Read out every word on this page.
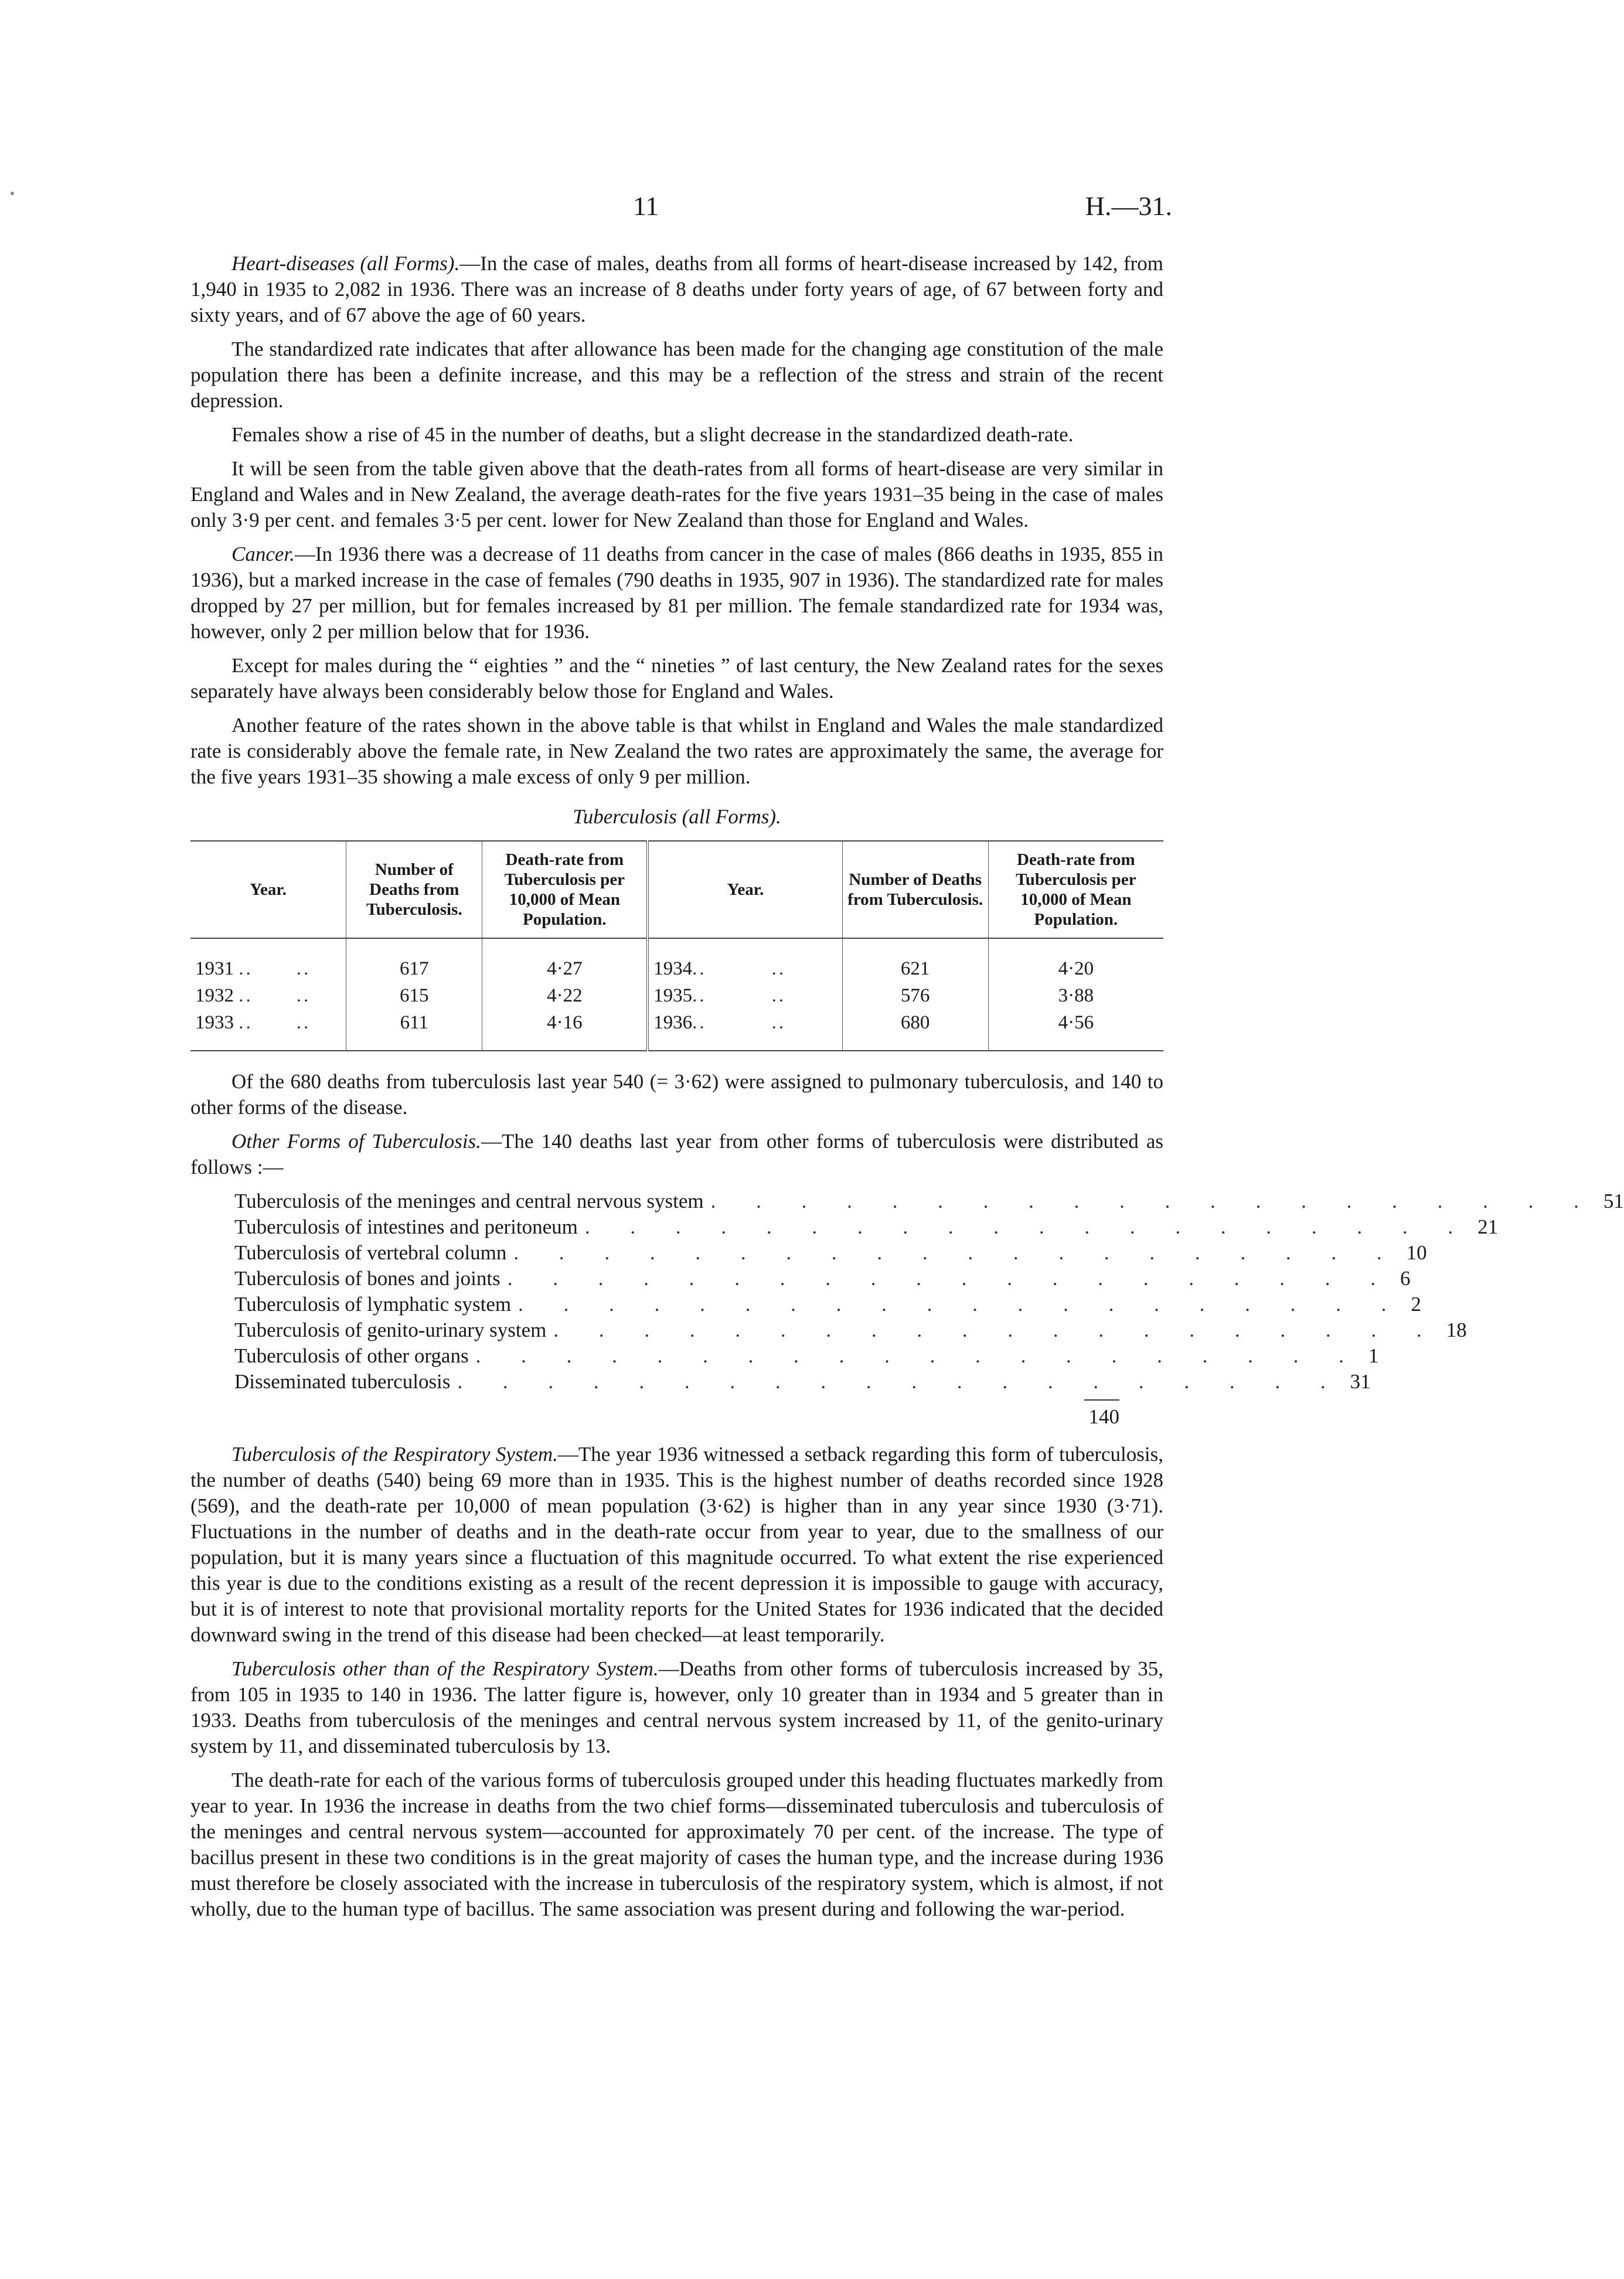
11	H.—31.

  Heart-diseases (all Forms).—In the case of males, deaths from all forms of heart-disease increased by 142, from 1,940 in 1935 to 2,082 in 1936. There was an increase of 8 deaths under forty years of age, of 67 between forty and sixty years, and of 67 above the age of 60 years.

  The standardized rate indicates that after allowance has been made for the changing age constitution of the male population there has been a definite increase, and this may be a reflection of the stress and strain of the recent depression.

  Females show a rise of 45 in the number of deaths, but a slight decrease in the standardized death-rate.

  It will be seen from the table given above that the death-rates from all forms of heart-disease are very similar in England and Wales and in New Zealand, the average death-rates for the five years 1931–35 being in the case of males only 3·9 per cent. and females 3·5 per cent. lower for New Zealand than those for England and Wales.

  Cancer.—In 1936 there was a decrease of 11 deaths from cancer in the case of males (866 deaths in 1935, 855 in 1936), but a marked increase in the case of females (790 deaths in 1935, 907 in 1936). The standardized rate for males dropped by 27 per million, but for females increased by 81 per million. The female standardized rate for 1934 was, however, only 2 per million below that for 1936.

  Except for males during the “ eighties ” and the “ nineties ” of last century, the New Zealand rates for the sexes separately have always been considerably below those for England and Wales.

  Another feature of the rates shown in the above table is that whilst in England and Wales the male standardized rate is considerably above the female rate, in New Zealand the two rates are approximately the same, the average for the five years 1931–35 showing a male excess of only 9 per million.

Tuberculosis (all Forms).
Year.	Number of Deaths from Tuberculosis.	Death-rate from Tuberculosis per 10,000 of Mean Population.	Year.	Number of Deaths from Tuberculosis.	Death-rate from Tuberculosis per 10,000 of Mean Population.
1931 ..  ..	617	4·27	1934..   ..	621	4·20
1932 ..  ..	615	4·22	1935..   ..	576	3·88
1933 ..  ..	611	4·16	1936..   ..	680	4·56

  Of the 680 deaths from tuberculosis last year 540 (= 3·62) were assigned to pulmonary tuberculosis, and 140 to other forms of the disease.

  Other Forms of Tuberculosis.—The 140 deaths last year from other forms of tuberculosis were distributed as follows :—

Tuberculosis of the meninges and central nervous system . . . . . . . . . . . . . . . . . . . . 51
Tuberculosis of intestines and peritoneum . . . . . . . . . . . . . . . . . . . . 21
Tuberculosis of vertebral column . . . . . . . . . . . . . . . . . . . . 10
Tuberculosis of bones and joints . . . . . . . . . . . . . . . . . . . . 6
Tuberculosis of lymphatic system . . . . . . . . . . . . . . . . . . . . 2
Tuberculosis of genito-urinary system . . . . . . . . . . . . . . . . . . . . 18
Tuberculosis of other organs . . . . . . . . . . . . . . . . . . . . 1
Disseminated tuberculosis . . . . . . . . . . . . . . . . . . . . 31
140

  Tuberculosis of the Respiratory System.—The year 1936 witnessed a setback regarding this form of tuberculosis, the number of deaths (540) being 69 more than in 1935. This is the highest number of deaths recorded since 1928 (569), and the death-rate per 10,000 of mean population (3·62) is higher than in any year since 1930 (3·71). Fluctuations in the number of deaths and in the death-rate occur from year to year, due to the smallness of our population, but it is many years since a fluctuation of this magnitude occurred. To what extent the rise experienced this year is due to the conditions existing as a result of the recent depression it is impossible to gauge with accuracy, but it is of interest to note that provisional mortality reports for the United States for 1936 indicated that the decided downward swing in the trend of this disease had been checked—at least temporarily.

  Tuberculosis other than of the Respiratory System.—Deaths from other forms of tuberculosis increased by 35, from 105 in 1935 to 140 in 1936. The latter figure is, however, only 10 greater than in 1934 and 5 greater than in 1933. Deaths from tuberculosis of the meninges and central nervous system increased by 11, of the genito-urinary system by 11, and disseminated tuberculosis by 13.

  The death-rate for each of the various forms of tuberculosis grouped under this heading fluctuates markedly from year to year. In 1936 the increase in deaths from the two chief forms—disseminated tuberculosis and tuberculosis of the meninges and central nervous system—accounted for approximately 70 per cent. of the increase. The type of bacillus present in these two conditions is in the great majority of cases the human type, and the increase during 1936 must therefore be closely associated with the increase in tuberculosis of the respiratory system, which is almost, if not wholly, due to the human type of bacillus. The same association was present during and following the war-period.
